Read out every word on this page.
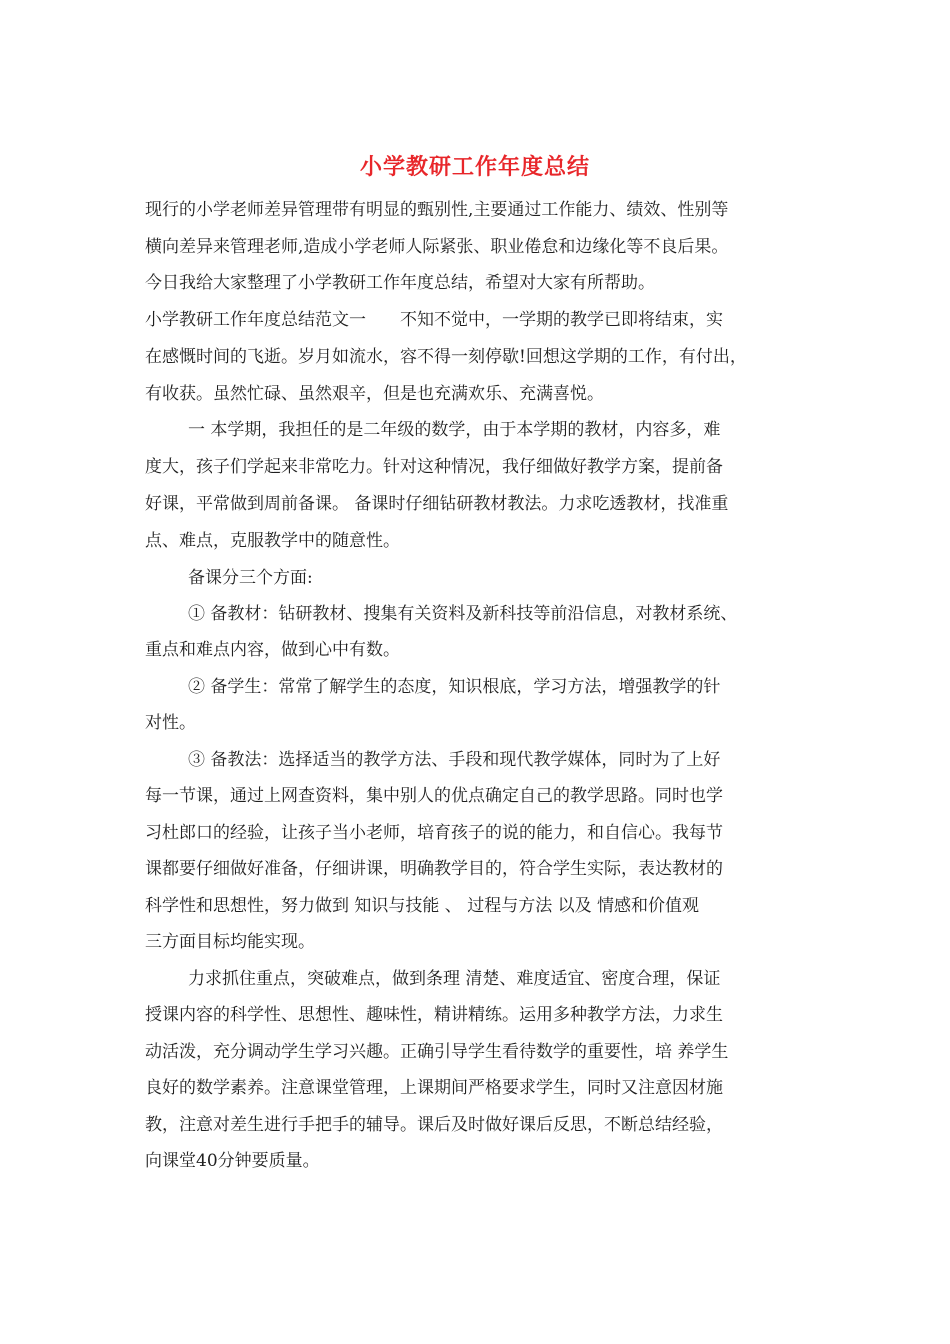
小学教研工作年度总结
现行的小学老师差异管理带有明显的甄别性,主要通过工作能力、绩效、性别等
横向差异来管理老师,造成小学老师人际紧张、职业倦怠和边缘化等不良后果。
今日我给大家整理了小学教研工作年度总结，希望对大家有所帮助。
小学教研工作年度总结范文一　　不知不觉中，一学期的教学已即将结束，实
在感慨时间的飞逝。岁月如流水，容不得一刻停歇!回想这学期的工作，有付出，
有收获。虽然忙碌、虽然艰辛，但是也充满欢乐、充满喜悦。
一 本学期，我担任的是二年级的数学，由于本学期的教材，内容多，难
度大，孩子们学起来非常吃力。针对这种情况，我仔细做好教学方案，提前备
好课，平常做到周前备课。 备课时仔细钻研教材教法。力求吃透教材，找准重
点、难点，克服教学中的随意性。
备课分三个方面:
① 备教材：钻研教材、搜集有关资料及新科技等前沿信息，对教材系统、
重点和难点内容，做到心中有数。
② 备学生：常常了解学生的态度，知识根底，学习方法，增强教学的针
对性。
③ 备教法：选择适当的教学方法、手段和现代教学媒体，同时为了上好
每一节课，通过上网查资料，集中别人的优点确定自己的教学思路。同时也学
习杜郎口的经验，让孩子当小老师，培育孩子的说的能力，和自信心。我每节
课都要仔细做好准备，仔细讲课，明确教学目的，符合学生实际，表达教材的
科学性和思想性，努力做到 知识与技能 、 过程与方法 以及 情感和价值观
三方面目标均能实现。
力求抓住重点，突破难点，做到条理 清楚、难度适宜、密度合理，保证
授课内容的科学性、思想性、趣味性，精讲精练。运用多种教学方法，力求生
动活泼，充分调动学生学习兴趣。正确引导学生看待数学的重要性，培 养学生
良好的数学素养。注意课堂管理，上课期间严格要求学生，同时又注意因材施
教，注意对差生进行手把手的辅导。课后及时做好课后反思，不断总结经验，
向课堂40分钟要质量。
